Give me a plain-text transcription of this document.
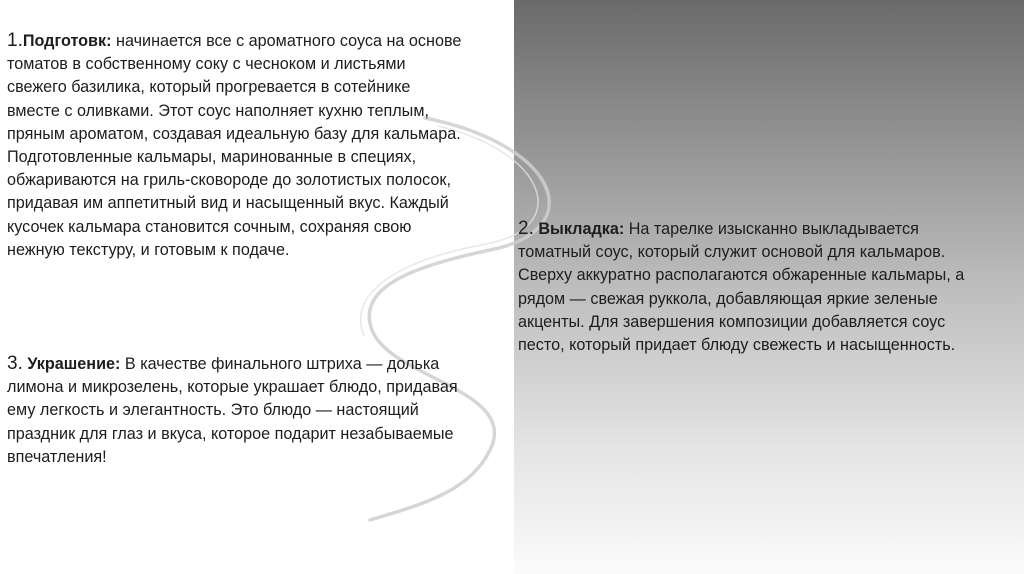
1.Подготовк: начинается все с ароматного соуса на основе
томатов в собственному соку с чесноком и листьями
свежего базилика, который прогревается в сотейнике
вместе с оливками. Этот соус наполняет кухню теплым,
пряным ароматом, создавая идеальную базу для кальмара.
Подготовленные кальмары, маринованные в специях,
обжариваются на гриль-сковороде до золотистых полосок,
придавая им аппетитный вид и насыщенный вкус. Каждый
кусочек кальмара становится сочным, сохраняя свою
нежную текстуру, и готовым к подаче.

2. Выкладка: На тарелке изысканно выкладывается
томатный соус, который служит основой для кальмаров.
Сверху аккуратно располагаются обжаренные кальмары, а
рядом — свежая руккола, добавляющая яркие зеленые
акценты. Для завершения композиции добавляется соус
песто, который придает блюду свежесть и насыщенность.

3. Украшение: В качестве финального штриха — долька
лимона и микрозелень, которые украшает блюдо, придавая
ему легкость и элегантность. Это блюдо — настоящий
праздник для глаз и вкуса, которое подарит незабываемые
впечатления!
